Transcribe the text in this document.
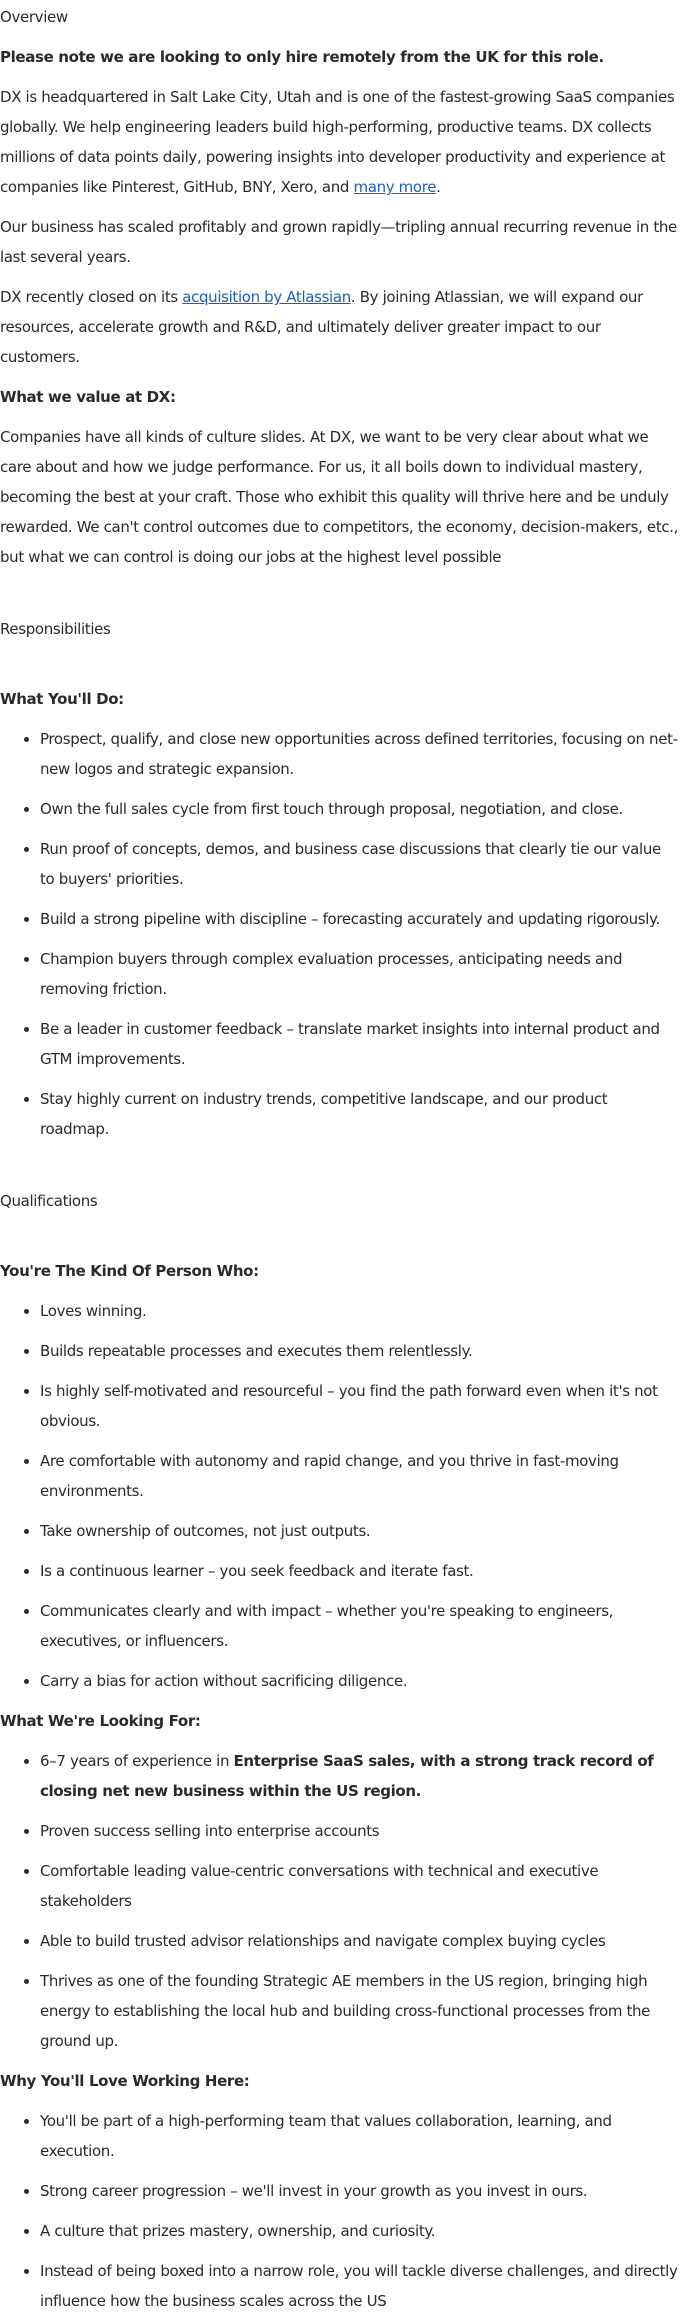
Overview

Please note we are looking to only hire remotely from the UK for this role.

DX is headquartered in Salt Lake City, Utah and is one of the fastest-growing SaaS companies globally. We help engineering leaders build high-performing, productive teams. DX collects millions of data points daily, powering insights into developer productivity and experience at companies like Pinterest, GitHub, BNY, Xero, and many more.

Our business has scaled profitably and grown rapidly—tripling annual recurring revenue in the last several years.

DX recently closed on its acquisition by Atlassian. By joining Atlassian, we will expand our resources, accelerate growth and R&D, and ultimately deliver greater impact to our customers.

What we value at DX:

Companies have all kinds of culture slides. At DX, we want to be very clear about what we care about and how we judge performance. For us, it all boils down to individual mastery, becoming the best at your craft. Those who exhibit this quality will thrive here and be unduly rewarded. We can't control outcomes due to competitors, the economy, decision-makers, etc., but what we can control is doing our jobs at the highest level possible

Responsibilities

What You'll Do:

• Prospect, qualify, and close new opportunities across defined territories, focusing on net-new logos and strategic expansion.
• Own the full sales cycle from first touch through proposal, negotiation, and close.
• Run proof of concepts, demos, and business case discussions that clearly tie our value to buyers' priorities.
• Build a strong pipeline with discipline – forecasting accurately and updating rigorously.
• Champion buyers through complex evaluation processes, anticipating needs and removing friction.
• Be a leader in customer feedback – translate market insights into internal product and GTM improvements.
• Stay highly current on industry trends, competitive landscape, and our product roadmap.

Qualifications

You're The Kind Of Person Who:

• Loves winning.
• Builds repeatable processes and executes them relentlessly.
• Is highly self-motivated and resourceful – you find the path forward even when it's not obvious.
• Are comfortable with autonomy and rapid change, and you thrive in fast-moving environments.
• Take ownership of outcomes, not just outputs.
• Is a continuous learner – you seek feedback and iterate fast.
• Communicates clearly and with impact – whether you're speaking to engineers, executives, or influencers.
• Carry a bias for action without sacrificing diligence.

What We're Looking For:

• 6–7 years of experience in Enterprise SaaS sales, with a strong track record of closing net new business within the US region.
• Proven success selling into enterprise accounts
• Comfortable leading value-centric conversations with technical and executive stakeholders
• Able to build trusted advisor relationships and navigate complex buying cycles
• Thrives as one of the founding Strategic AE members in the US region, bringing high energy to establishing the local hub and building cross-functional processes from the ground up.

Why You'll Love Working Here:

• You'll be part of a high-performing team that values collaboration, learning, and execution.
• Strong career progression – we'll invest in your growth as you invest in ours.
• A culture that prizes mastery, ownership, and curiosity.
• Instead of being boxed into a narrow role, you will tackle diverse challenges, and directly influence how the business scales across the US
